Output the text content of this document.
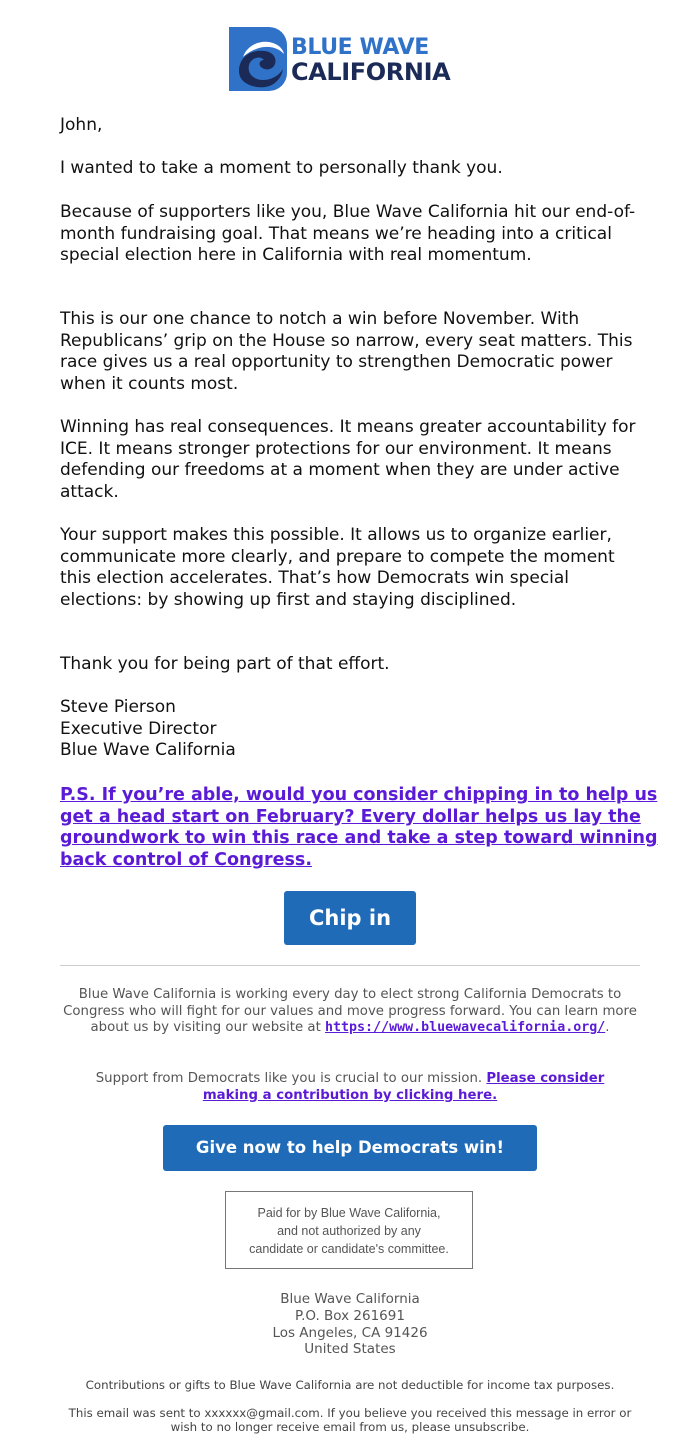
BLUE WAVE
CALIFORNIA

John,

I wanted to take a moment to personally thank you.

Because of supporters like you, Blue Wave California hit our end-of-month fundraising goal. That means we’re heading into a critical special election here in California with real momentum.

This is our one chance to notch a win before November. With Republicans’ grip on the House so narrow, every seat matters. This race gives us a real opportunity to strengthen Democratic power when it counts most.

Winning has real consequences. It means greater accountability for ICE. It means stronger protections for our environment. It means defending our freedoms at a moment when they are under active attack.

Your support makes this possible. It allows us to organize earlier, communicate more clearly, and prepare to compete the moment this election accelerates. That’s how Democrats win special elections: by showing up first and staying disciplined.

Thank you for being part of that effort.

Steve Pierson
Executive Director
Blue Wave California
P.S. If you’re able, would you consider chipping in to help us get a head start on February? Every dollar helps us lay the groundwork to win this race and take a step toward winning back control of Congress.
Chip in

Blue Wave California is working every day to elect strong California Democrats to Congress who will fight for our values and move progress forward. You can learn more about us by visiting our website at https://www.bluewavecalifornia.org/.

Support from Democrats like you is crucial to our mission. Please consider making a contribution by clicking here.

Give now to help Democrats win!
Paid for by Blue Wave California,
and not authorized by any
candidate or candidate's committee.
Blue Wave California
P.O. Box 261691
Los Angeles, CA 91426
United States

Contributions or gifts to Blue Wave California are not deductible for income tax purposes.

This email was sent to xxxxxx@gmail.com. If you believe you received this message in error or wish to no longer receive email from us, please unsubscribe.
